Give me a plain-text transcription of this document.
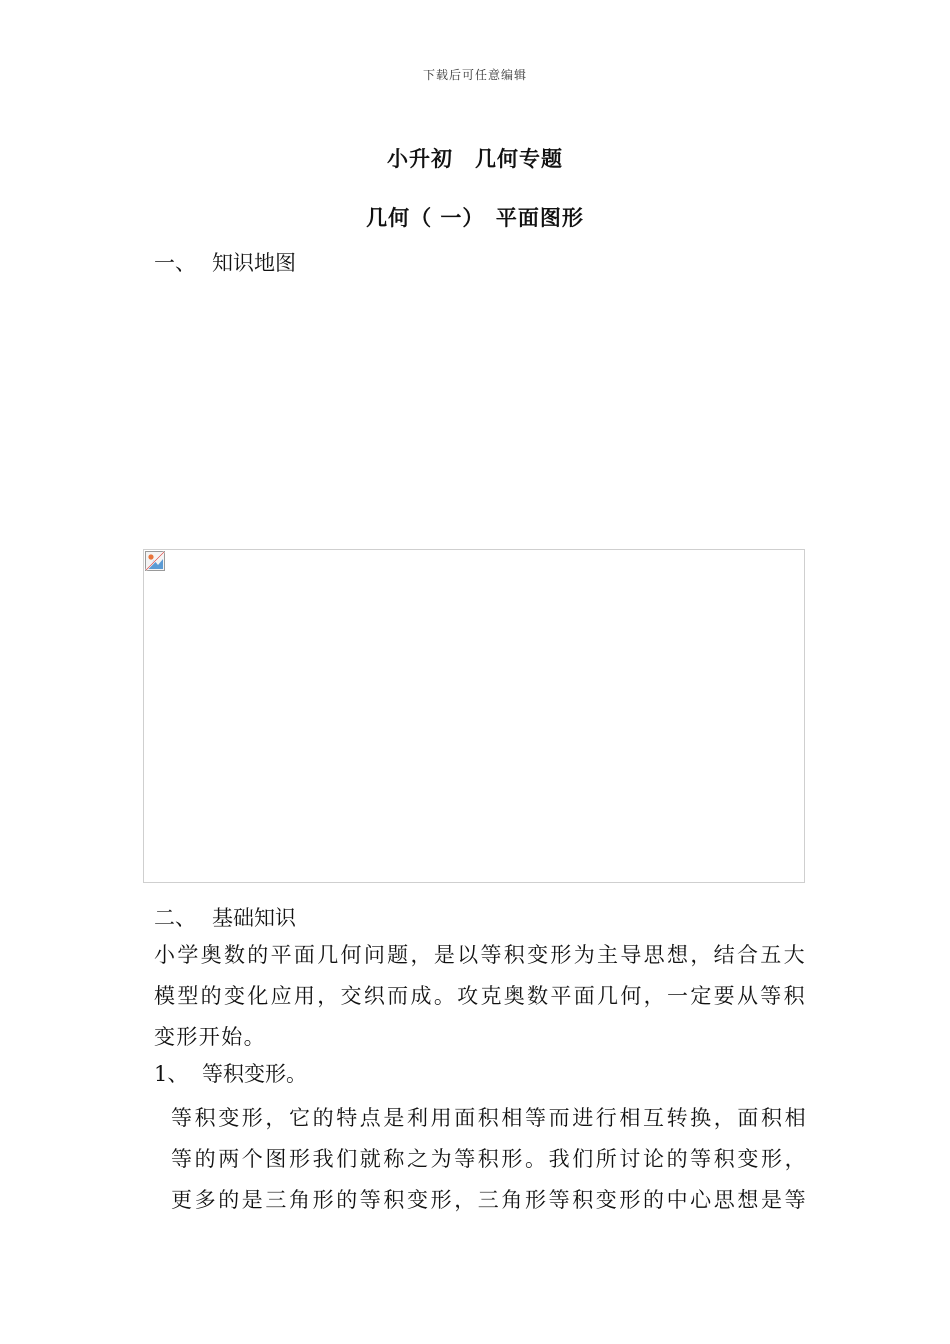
下载后可任意编辑
小升初　几何专题
几何（ 一）　平面图形
一、 知识地图
二、 基础知识
小学奥数的平面几何问题，是以等积变形为主导思想，结合五大
模型的变化应用，交织而成。攻克奥数平面几何，一定要从等积
变形开始。
1、 等积变形。
等积变形，它的特点是利用面积相等而进行相互转换，面积相
等的两个图形我们就称之为等积形。我们所讨论的等积变形，
更多的是三角形的等积变形，三角形等积变形的中心思想是等
